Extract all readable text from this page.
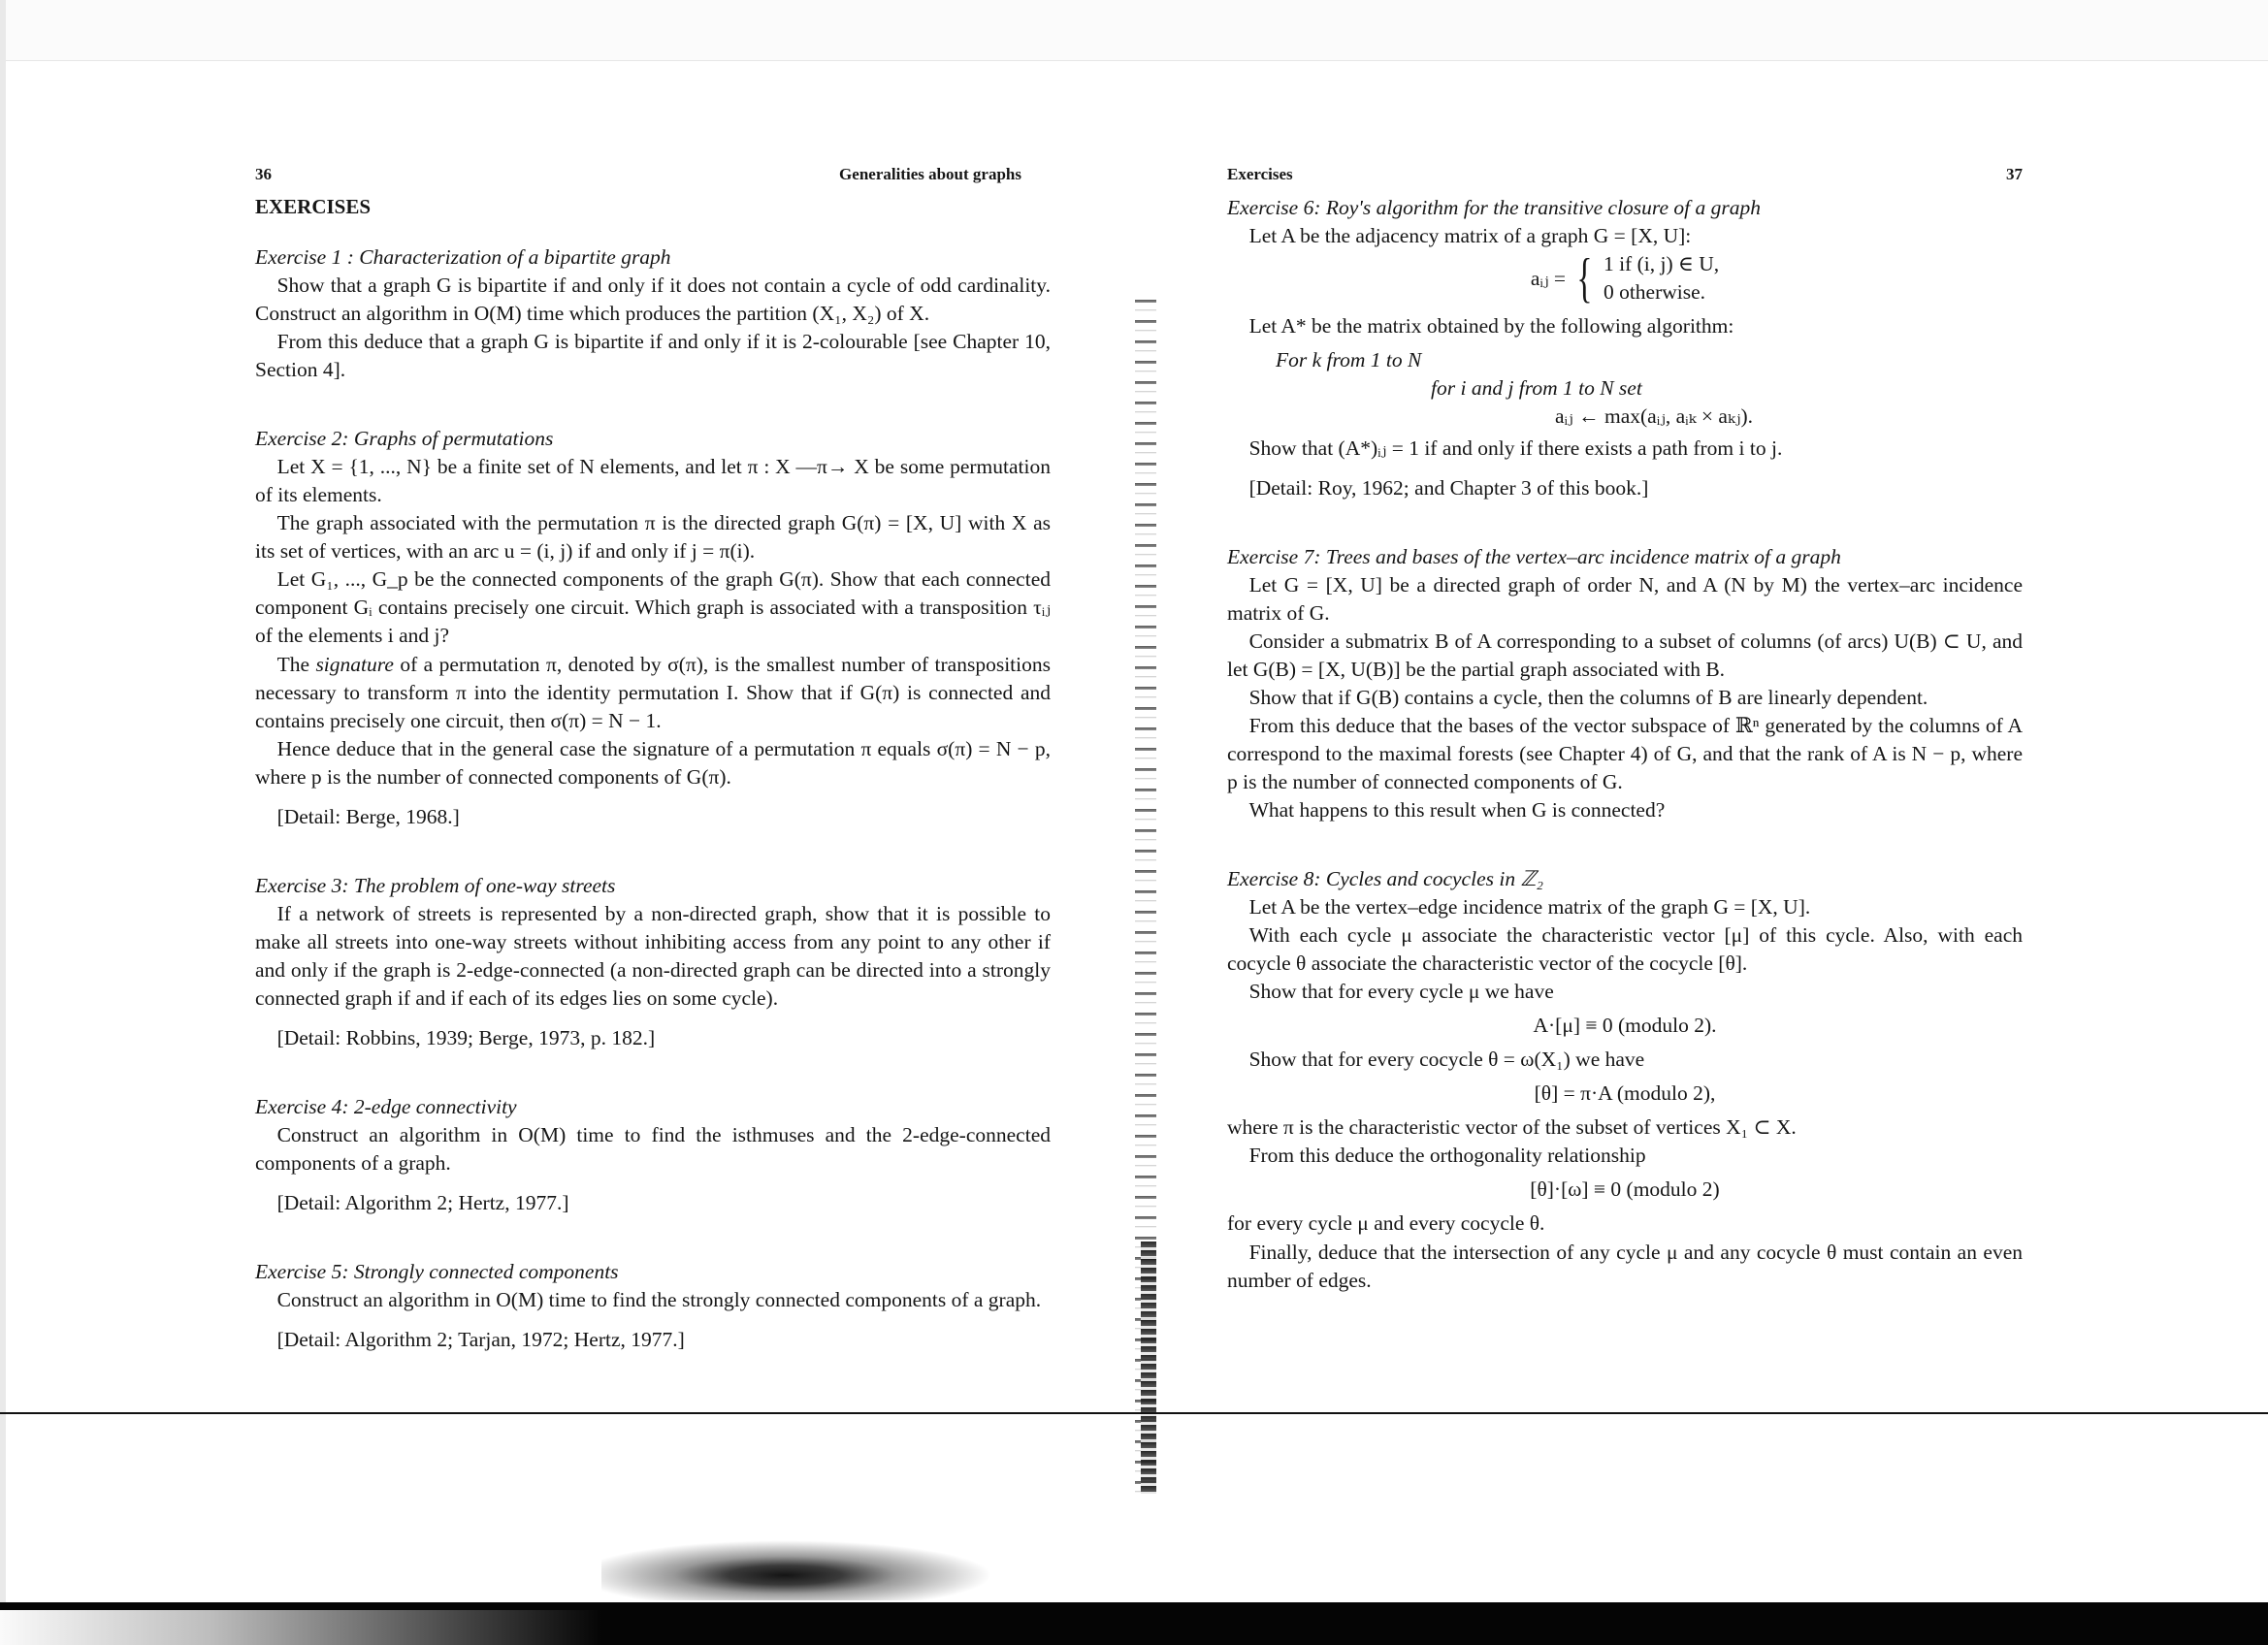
36	Generalities about graphs

EXERCISES

Exercise 1 : Characterization of a bipartite graph

Show that a graph G is bipartite if and only if it does not contain a cycle of odd cardinality. Construct an algorithm in O(M) time which produces the partition (X₁, X₂) of X.

From this deduce that a graph G is bipartite if and only if it is 2-colourable [see Chapter 10, Section 4].

Exercise 2: Graphs of permutations

Let X = {1, ..., N} be a finite set of N elements, and let π : X —π→ X be some permutation of its elements.

The graph associated with the permutation π is the directed graph G(π) = [X, U] with X as its set of vertices, with an arc u = (i, j) if and only if j = π(i).

Let G₁, ..., G_p be the connected components of the graph G(π). Show that each connected component Gᵢ contains precisely one circuit. Which graph is associated with a transposition τᵢⱼ of the elements i and j?

The signature of a permutation π, denoted by σ(π), is the smallest number of transpositions necessary to transform π into the identity permutation I. Show that if G(π) is connected and contains precisely one circuit, then σ(π) = N − 1.

Hence deduce that in the general case the signature of a permutation π equals σ(π) = N − p, where p is the number of connected components of G(π).

[Detail: Berge, 1968.]

Exercise 3: The problem of one-way streets

If a network of streets is represented by a non-directed graph, show that it is possible to make all streets into one-way streets without inhibiting access from any point to any other if and only if the graph is 2-edge-connected (a non-directed graph can be directed into a strongly connected graph if and if each of its edges lies on some cycle).

[Detail: Robbins, 1939; Berge, 1973, p. 182.]

Exercise 4: 2-edge connectivity

Construct an algorithm in O(M) time to find the isthmuses and the 2-edge-connected components of a graph.

[Detail: Algorithm 2; Hertz, 1977.]

Exercise 5: Strongly connected components

Construct an algorithm in O(M) time to find the strongly connected components of a graph.

[Detail: Algorithm 2; Tarjan, 1972; Hertz, 1977.]

Exercises	37

Exercise 6: Roy's algorithm for the transitive closure of a graph

Let A be the adjacency matrix of a graph G = [X, U]:

aᵢⱼ = { 1 if (i, j) ∈ U,
0 otherwise.

Let A* be the matrix obtained by the following algorithm:

For k from 1 to N

for i and j from 1 to N set

aᵢⱼ ← max(aᵢⱼ, aᵢₖ × aₖⱼ).

Show that (A*)ᵢⱼ = 1 if and only if there exists a path from i to j.

[Detail: Roy, 1962; and Chapter 3 of this book.]

Exercise 7: Trees and bases of the vertex–arc incidence matrix of a graph

Let G = [X, U] be a directed graph of order N, and A (N by M) the vertex–arc incidence matrix of G.

Consider a submatrix B of A corresponding to a subset of columns (of arcs) U(B) ⊂ U, and let G(B) = [X, U(B)] be the partial graph associated with B.

Show that if G(B) contains a cycle, then the columns of B are linearly dependent.

From this deduce that the bases of the vector subspace of ℝⁿ generated by the columns of A correspond to the maximal forests (see Chapter 4) of G, and that the rank of A is N − p, where p is the number of connected components of G.

What happens to this result when G is connected?

Exercise 8: Cycles and cocycles in ℤ₂

Let A be the vertex–edge incidence matrix of the graph G = [X, U].

With each cycle μ associate the characteristic vector [μ] of this cycle. Also, with each cocycle θ associate the characteristic vector of the cocycle [θ].

Show that for every cycle μ we have

A·[μ] ≡ 0 (modulo 2).

Show that for every cocycle θ = ω(X₁) we have

[θ] = π·A (modulo 2),

where π is the characteristic vector of the subset of vertices X₁ ⊂ X.

From this deduce the orthogonality relationship

[θ]·[ω] ≡ 0 (modulo 2)

for every cycle μ and every cocycle θ.

Finally, deduce that the intersection of any cycle μ and any cocycle θ must contain an even number of edges.
